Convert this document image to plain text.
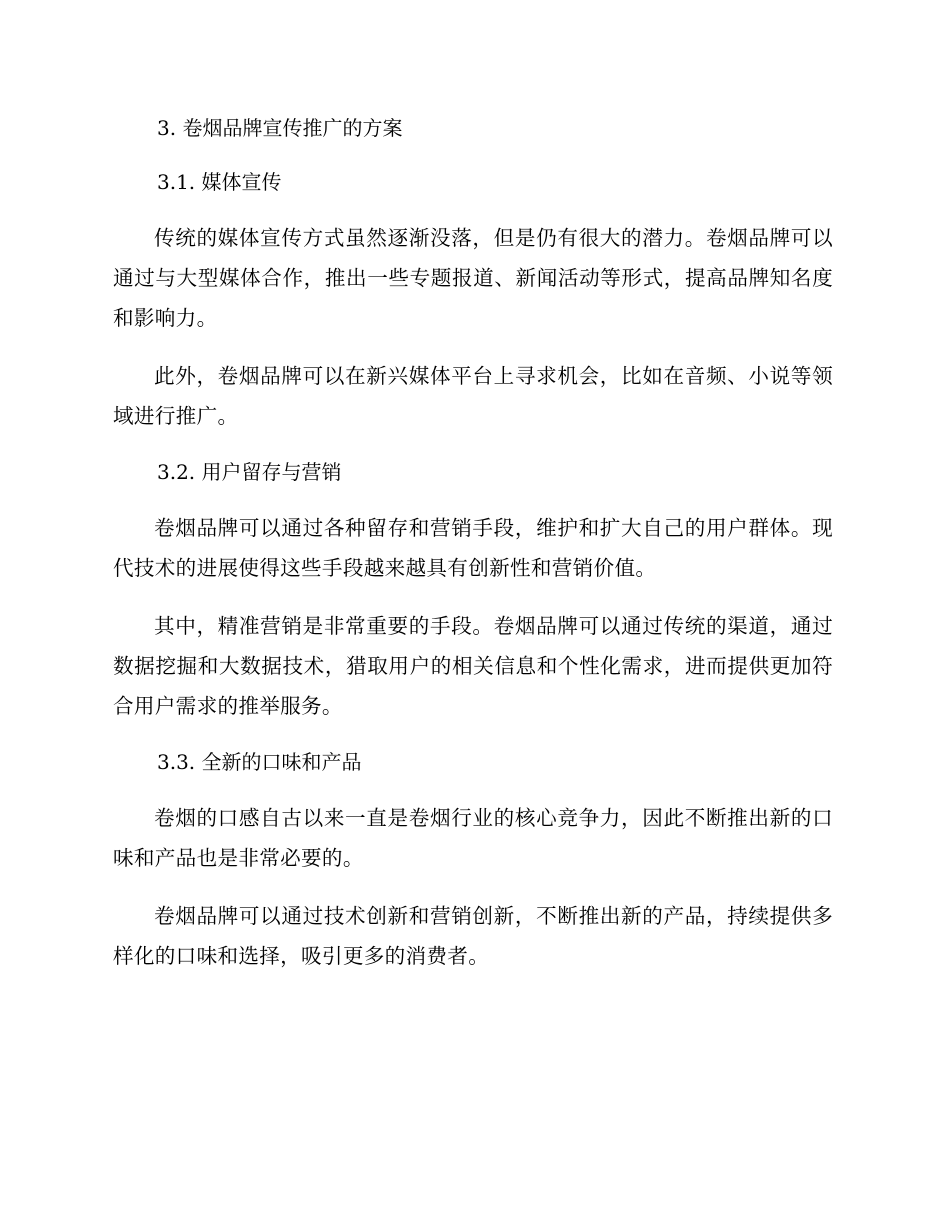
3. 卷烟品牌宣传推广的方案
3.1. 媒体宣传

传统的媒体宣传方式虽然逐渐没落，但是仍有很大的潜力。卷烟品牌可以通过与大型媒体合作，推出一些专题报道、新闻活动等形式，提高品牌知名度和影响力。

此外，卷烟品牌可以在新兴媒体平台上寻求机会，比如在音频、小说等领域进行推广。

3.2. 用户留存与营销

卷烟品牌可以通过各种留存和营销手段，维护和扩大自己的用户群体。现代技术的进展使得这些手段越来越具有创新性和营销价值。

其中，精准营销是非常重要的手段。卷烟品牌可以通过传统的渠道，通过数据挖掘和大数据技术，猎取用户的相关信息和个性化需求，进而提供更加符合用户需求的推举服务。

3.3. 全新的口味和产品

卷烟的口感自古以来一直是卷烟行业的核心竞争力，因此不断推出新的口味和产品也是非常必要的。

卷烟品牌可以通过技术创新和营销创新，不断推出新的产品，持续提供多样化的口味和选择，吸引更多的消费者。
